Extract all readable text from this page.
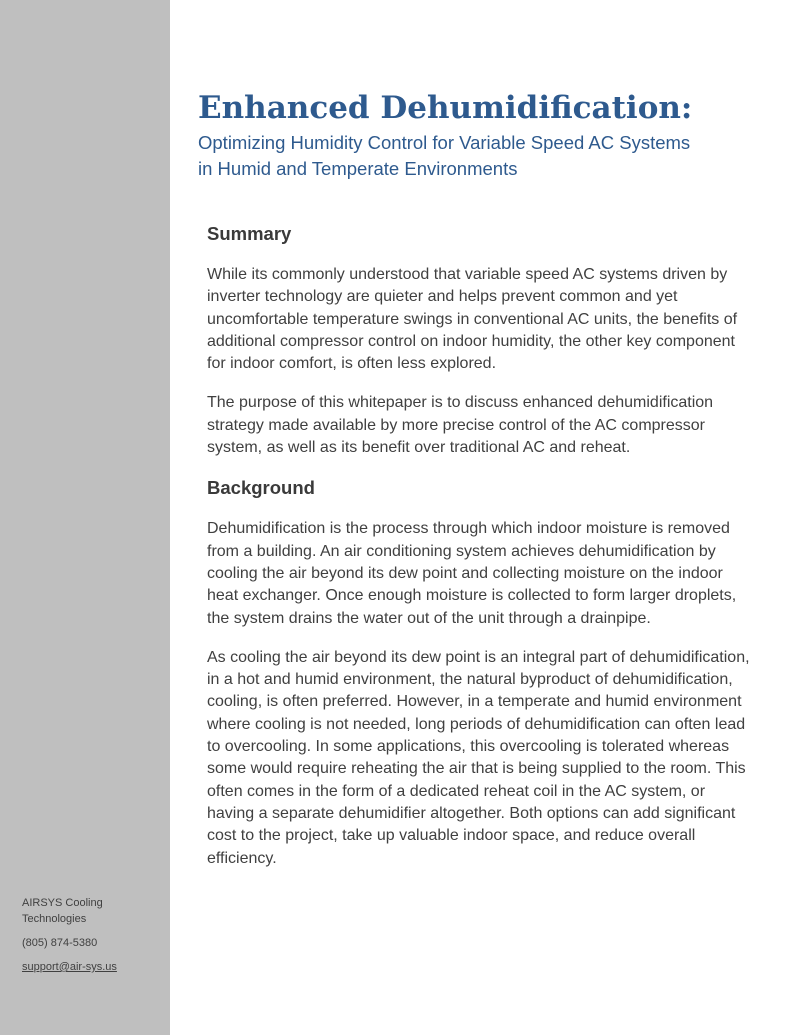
AIRSYS Cooling Technologies
(805) 874-5380
support@air-sys.us
Enhanced Dehumidification:
Optimizing Humidity Control for Variable Speed AC Systems
in Humid and Temperate Environments
Summary

While its commonly understood that variable speed AC systems driven by inverter technology are quieter and helps prevent common and yet uncomfortable temperature swings in conventional AC units, the benefits of additional compressor control on indoor humidity, the other key component for indoor comfort, is often less explored.

The purpose of this whitepaper is to discuss enhanced dehumidification strategy made available by more precise control of the AC compressor system, as well as its benefit over traditional AC and reheat.

Background

Dehumidification is the process through which indoor moisture is removed from a building. An air conditioning system achieves dehumidification by cooling the air beyond its dew point and collecting moisture on the indoor heat exchanger. Once enough moisture is collected to form larger droplets, the system drains the water out of the unit through a drainpipe.

As cooling the air beyond its dew point is an integral part of dehumidification, in a hot and humid environment, the natural byproduct of dehumidification, cooling, is often preferred. However, in a temperate and humid environment where cooling is not needed, long periods of dehumidification can often lead to overcooling. In some applications, this overcooling is tolerated whereas some would require reheating the air that is being supplied to the room. This often comes in the form of a dedicated reheat coil in the AC system, or having a separate dehumidifier altogether. Both options can add significant cost to the project, take up valuable indoor space, and reduce overall efficiency.
